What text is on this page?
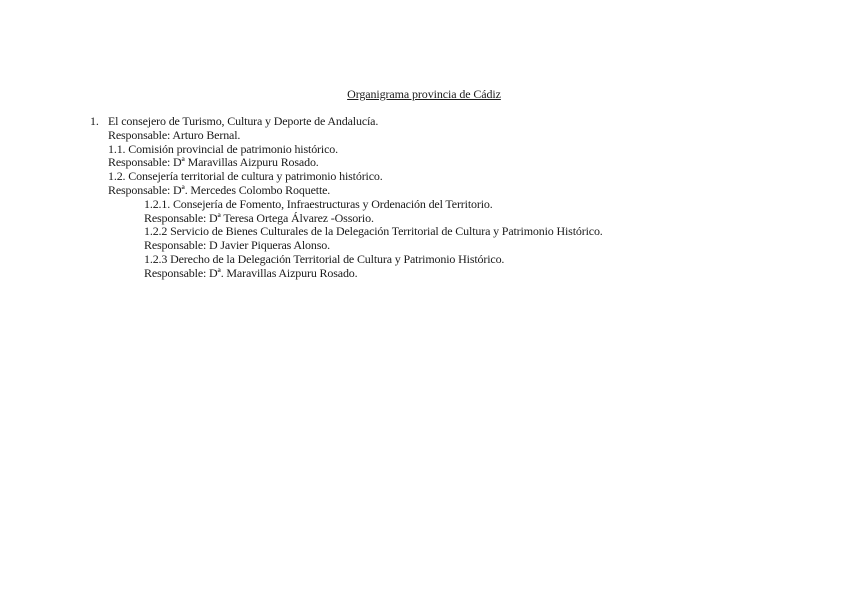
Organigrama provincia de Cádiz
1. El consejero de Turismo, Cultura y Deporte de Andalucía.
Responsable: Arturo Bernal.
1.1. Comisión provincial de patrimonio histórico.
Responsable: Dª Maravillas Aizpuru Rosado.
1.2. Consejería territorial de cultura y patrimonio histórico.
Responsable: Dª. Mercedes Colombo Roquette.
1.2.1. Consejería de Fomento, Infraestructuras y Ordenación del Territorio.
Responsable: Dª Teresa Ortega Álvarez -Ossorio.
1.2.2 Servicio de Bienes Culturales de la Delegación Territorial de Cultura y Patrimonio Histórico.
Responsable: D Javier Piqueras Alonso.
1.2.3 Derecho de la Delegación Territorial de Cultura y Patrimonio Histórico.
Responsable: Dª. Maravillas Aizpuru Rosado.
